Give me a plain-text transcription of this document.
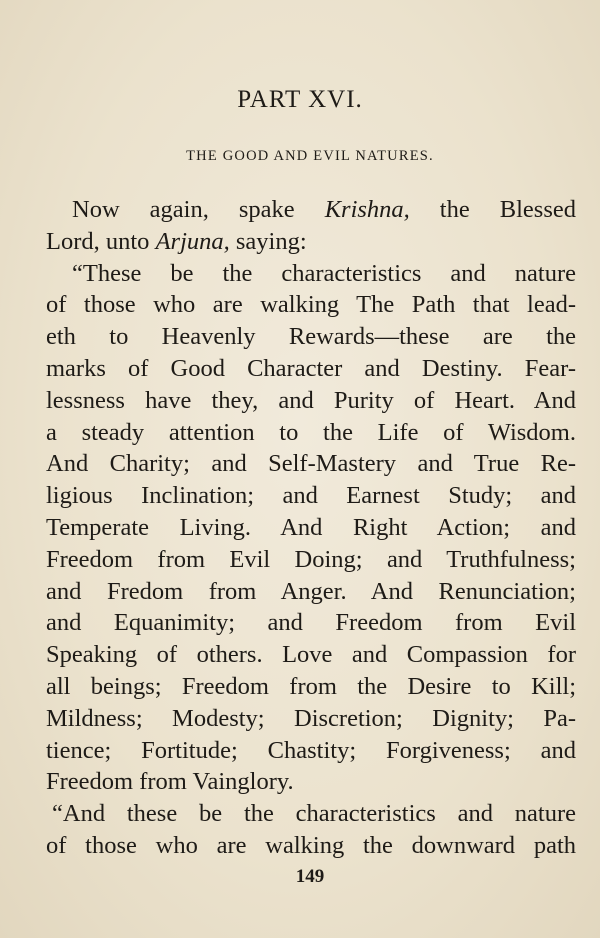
PART XVI.
THE GOOD AND EVIL NATURES.
Now again, spake Krishna, the Blessed
Lord, unto Arjuna, saying:
“These be the characteristics and nature
of those who are walking The Path that lead-
eth to Heavenly Rewards—these are the
marks of Good Character and Destiny. Fear-
lessness have they, and Purity of Heart. And
a steady attention to the Life of Wisdom.
And Charity; and Self-Mastery and True Re-
ligious Inclination; and Earnest Study; and
Temperate Living. And Right Action; and
Freedom from Evil Doing; and Truthfulness;
and Fredom from Anger. And Renunciation;
and Equanimity; and Freedom from Evil
Speaking of others. Love and Compassion for
all beings; Freedom from the Desire to Kill;
Mildness; Modesty; Discretion; Dignity; Pa-
tience; Fortitude; Chastity; Forgiveness; and
Freedom from Vainglory.
“And these be the characteristics and nature
of those who are walking the downward path

149
